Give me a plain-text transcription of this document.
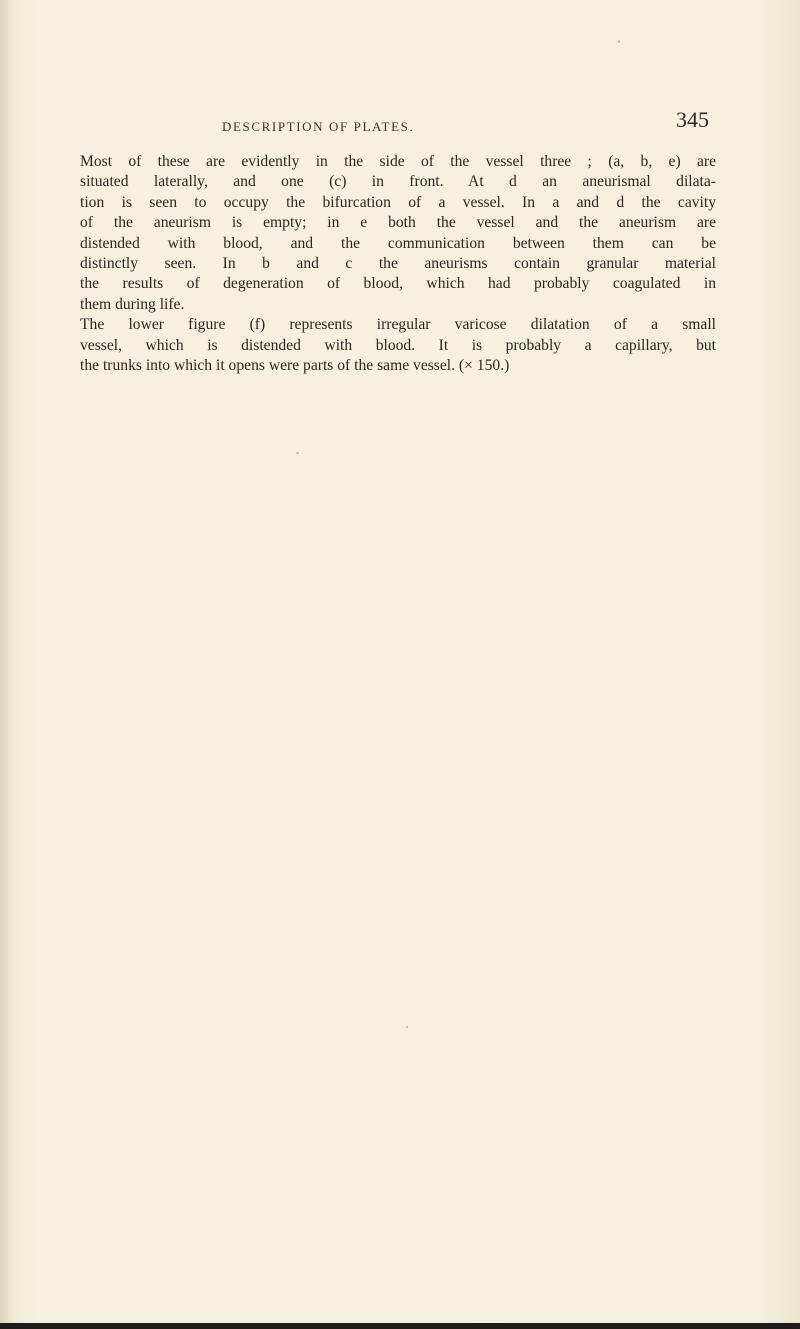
DESCRIPTION OF PLATES.	345

Most of these are evidently in the side of the vessel three ; (a, b, e) are
situated laterally, and one (c) in front. At d an aneurismal dilata-
tion is seen to occupy the bifurcation of a vessel. In a and d the cavity
of the aneurism is empty; in e both the vessel and the aneurism are
distended with blood, and the communication between them can be
distinctly seen. In b and c the aneurisms contain granular material
the results of degeneration of blood, which had probably coagulated in
them during life.

The lower figure (f) represents irregular varicose dilatation of a small
vessel, which is distended with blood. It is probably a capillary, but
the trunks into which it opens were parts of the same vessel. (× 150.)
